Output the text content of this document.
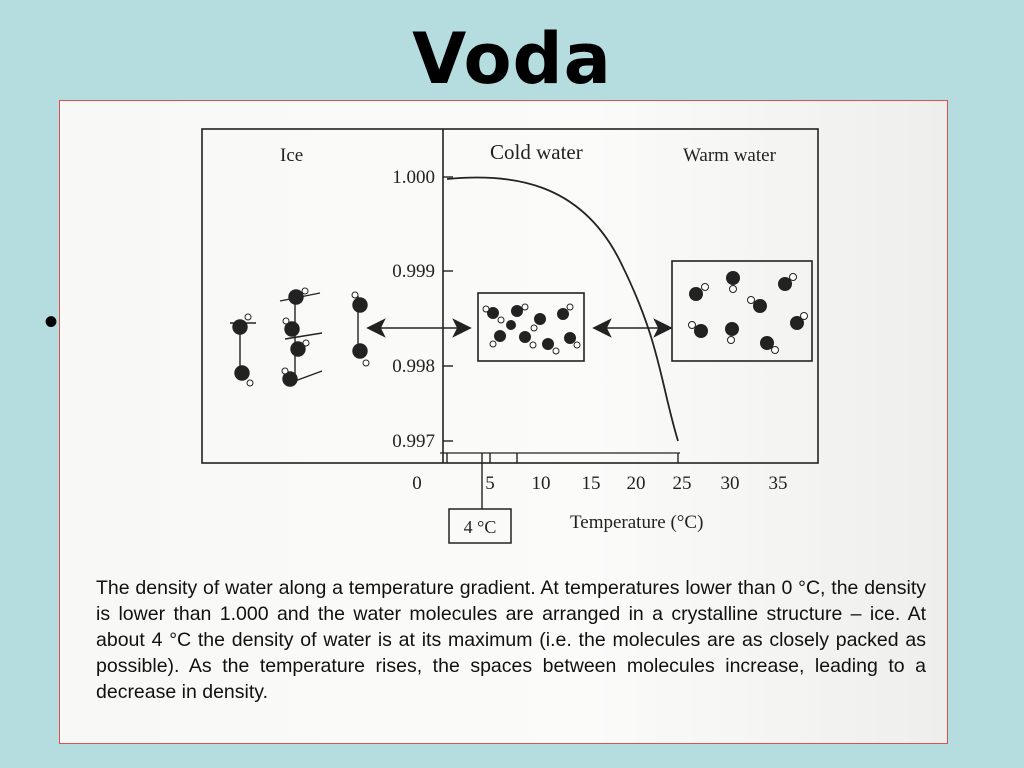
Voda
•
Ice	Cold water	Warm water
1.000
0.999
0.998
0.997
0	5 10 15 20 25 30 35
4 °C	Temperature (°C)
The density of water along a temperature gradient. At temperatures lower than 0 °C, the density is lower than 1.000 and the water molecules are arranged in a crystalline structure – ice. At about 4 °C the density of water is at its maximum (i.e. the molecules are as closely packed as possible). As the temperature rises, the spaces between molecules increase, leading to a decrease in density.
